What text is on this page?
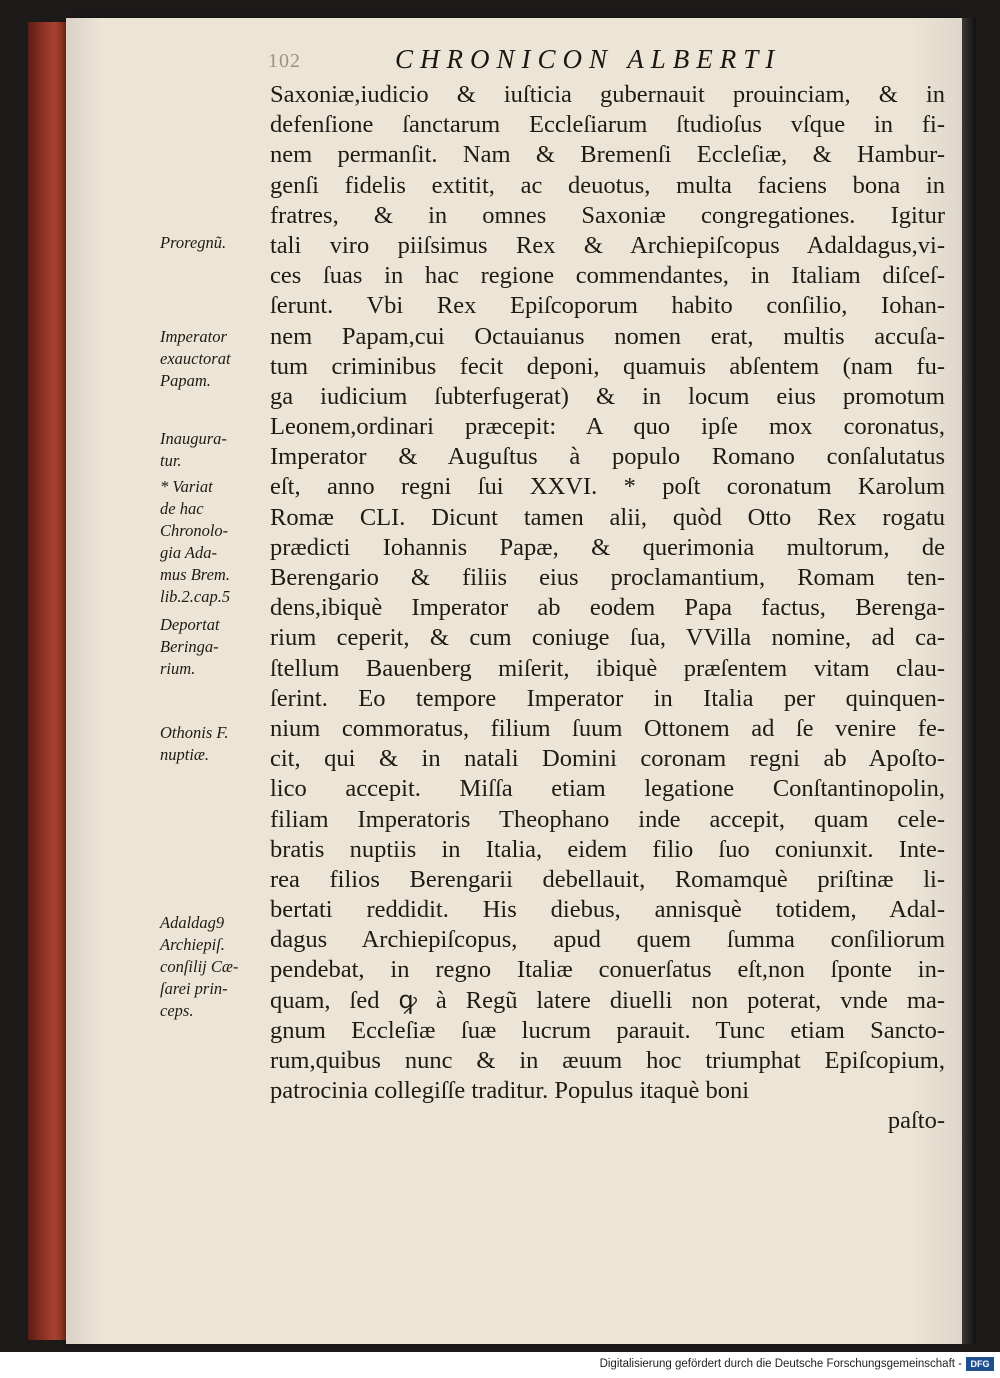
102	CHRONICON ALBERTI
Saxoniæ,iudicio & iuſticia gubernauit prouinciam, & in
defenſione ſanctarum Eccleſiarum ſtudioſus vſque in fi-
nem permanſit. Nam & Bremenſi Eccleſiæ, & Hambur-
genſi fidelis extitit, ac deuotus, multa faciens bona in
fratres, & in omnes Saxoniæ congregationes. Igitur
tali viro piiſsimus Rex & Archiepiſcopus Adaldagus,vi-
ces ſuas in hac regione commendantes, in Italiam diſceſ-
ſerunt. Vbi Rex Epiſcoporum habito conſilio, Iohan-
nem Papam,cui Octauianus nomen erat, multis accuſa-
tum criminibus fecit deponi, quamuis abſentem (nam fu-
ga iudicium ſubterfugerat) & in locum eius promotum
Leonem,ordinari præcepit: A quo ipſe mox coronatus,
Imperator & Auguſtus à populo Romano conſalutatus
eſt, anno regni ſui XXVI. * poſt coronatum Karolum
Romæ CLI. Dicunt tamen alii, quòd Otto Rex rogatu
prædicti Iohannis Papæ, & querimonia multorum, de
Berengario & filiis eius proclamantium, Romam ten-
dens,ibiquè Imperator ab eodem Papa factus, Berenga-
rium ceperit, & cum coniuge ſua, VVilla nomine, ad ca-
ſtellum Bauenberg miſerit, ibiquè præſentem vitam clau-
ſerint. Eo tempore Imperator in Italia per quinquen-
nium commoratus, filium ſuum Ottonem ad ſe venire fe-
cit, qui & in natali Domini coronam regni ab Apoſto-
lico accepit. Miſſa etiam legatione Conſtantinopolin,
filiam Imperatoris Theophano inde accepit, quam cele-
bratis nuptiis in Italia, eidem filio ſuo coniunxit. Inte-
rea filios Berengarii debellauit, Romamquè priſtinæ li-
bertati reddidit. His diebus, annisquè totidem, Adal-
dagus Archiepiſcopus, apud quem ſumma conſiliorum
pendebat, in regno Italiæ conuerſatus eſt,non ſponte in-
quam, ſed ꝙ à Regũ latere diuelli non poterat, vnde ma-
gnum Eccleſiæ ſuæ lucrum parauit. Tunc etiam Sancto-
rum,quibus nunc & in æuum hoc triumphat Epiſcopium,
patrocinia collegiſſe traditur. Populus itaquè boni
paſto-
Proregnũ.
Imperator
exauctorat
Papam.
Inaugura-
tur.
* Variat
de hac
Chronolo-
gia Ada-
mus Brem.
lib.2.cap.5
Deportat
Beringa-
rium.
Othonis F.
nuptiæ.
Adaldag9
Archiepiſ.
conſilij Cæ-
ſarei prin-
ceps.
Digitalisierung gefördert durch die Deutsche Forschungsgemeinschaft - DFG
